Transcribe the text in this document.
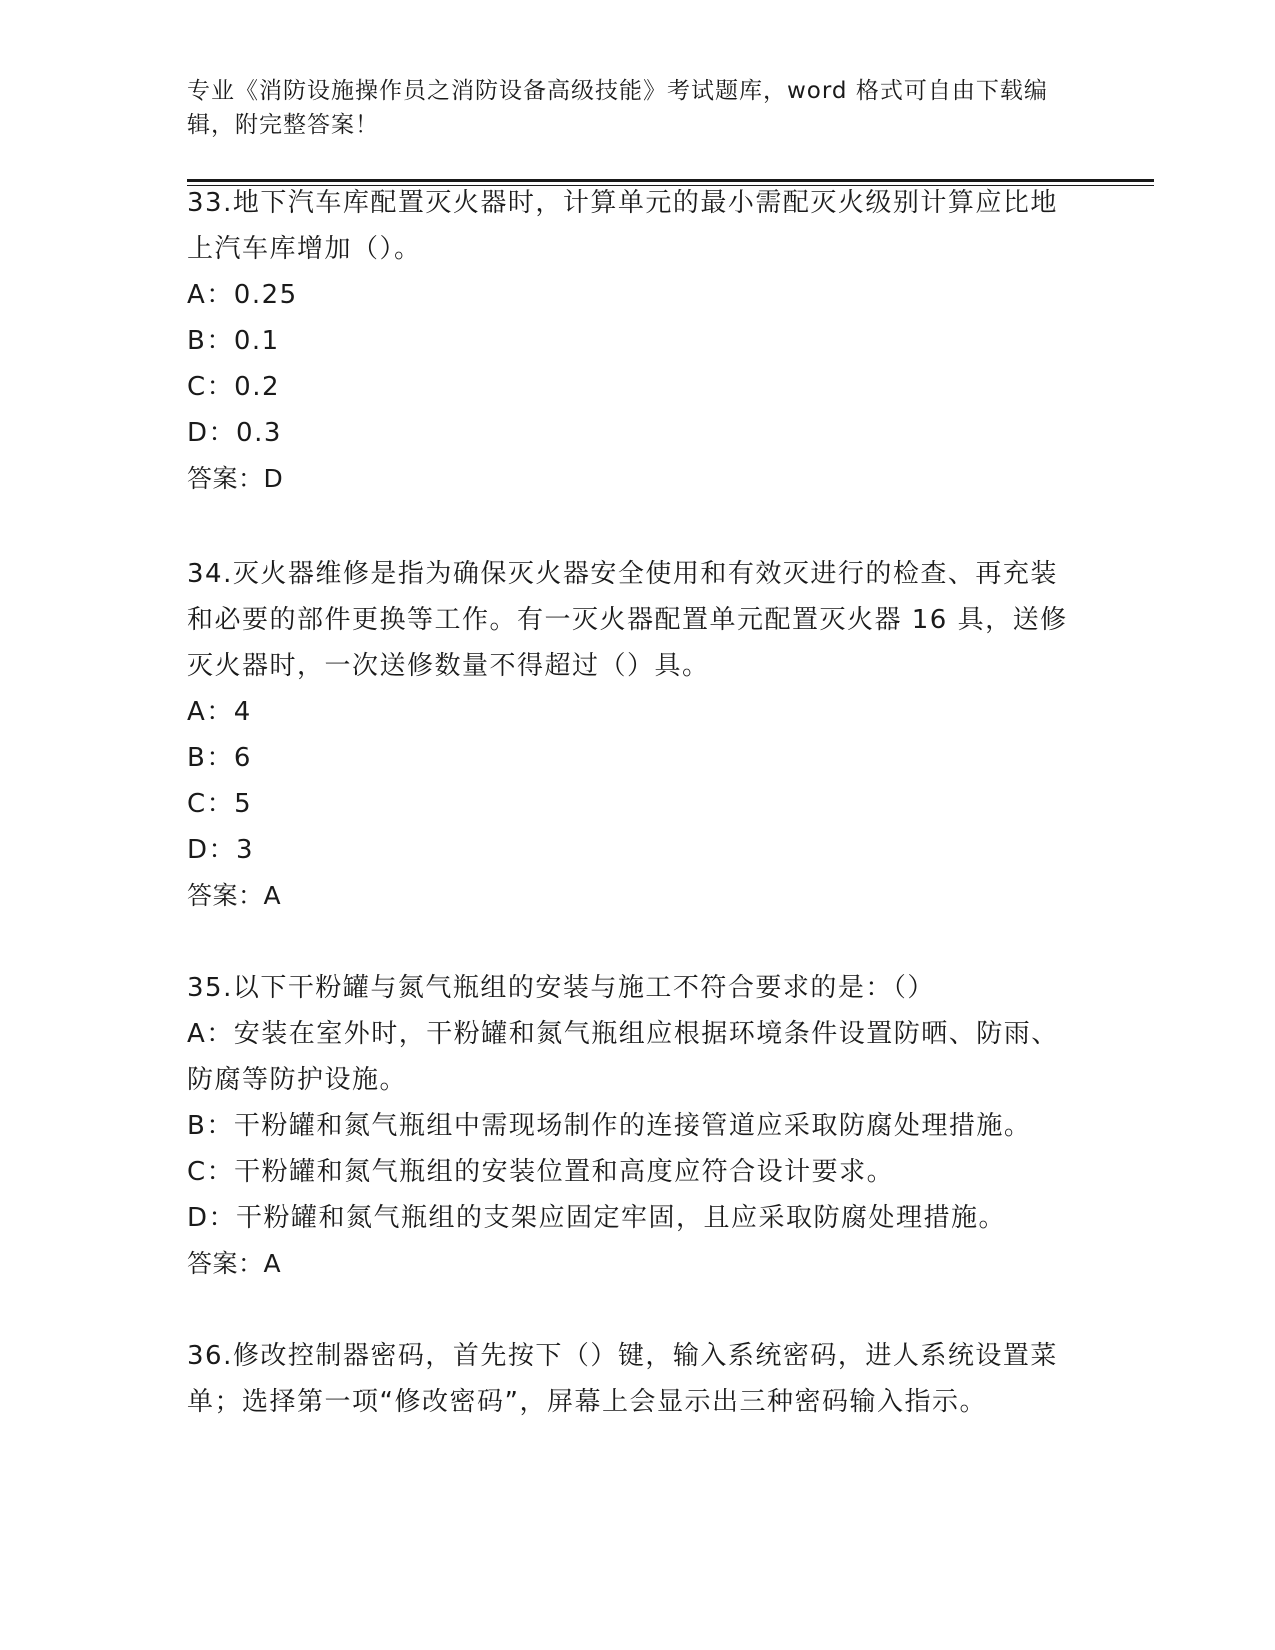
专业《消防设施操作员之消防设备高级技能》考试题库，word 格式可自由下载编辑，附完整答案！

33.地下汽车库配置灭火器时，计算单元的最小需配灭火级别计算应比地上汽车库增加（）。

A：0.25

B：0.1

C：0.2

D：0.3

答案：D

34.灭火器维修是指为确保灭火器安全使用和有效灭进行的检查、再充装和必要的部件更换等工作。有一灭火器配置单元配置灭火器 16 具，送修灭火器时，一次送修数量不得超过（）具。

A：4

B：6

C：5

D：3

答案：A

35.以下干粉罐与氮气瓶组的安装与施工不符合要求的是：（）

A：安装在室外时，干粉罐和氮气瓶组应根据环境条件设置防晒、防雨、防腐等防护设施。

B：干粉罐和氮气瓶组中需现场制作的连接管道应采取防腐处理措施。

C：干粉罐和氮气瓶组的安装位置和高度应符合设计要求。

D：干粉罐和氮气瓶组的支架应固定牢固，且应采取防腐处理措施。

答案：A

36.修改控制器密码，首先按下（）键，输入系统密码，进人系统设置菜单；选择第一项“修改密码”，屏幕上会显示出三种密码输入指示。
